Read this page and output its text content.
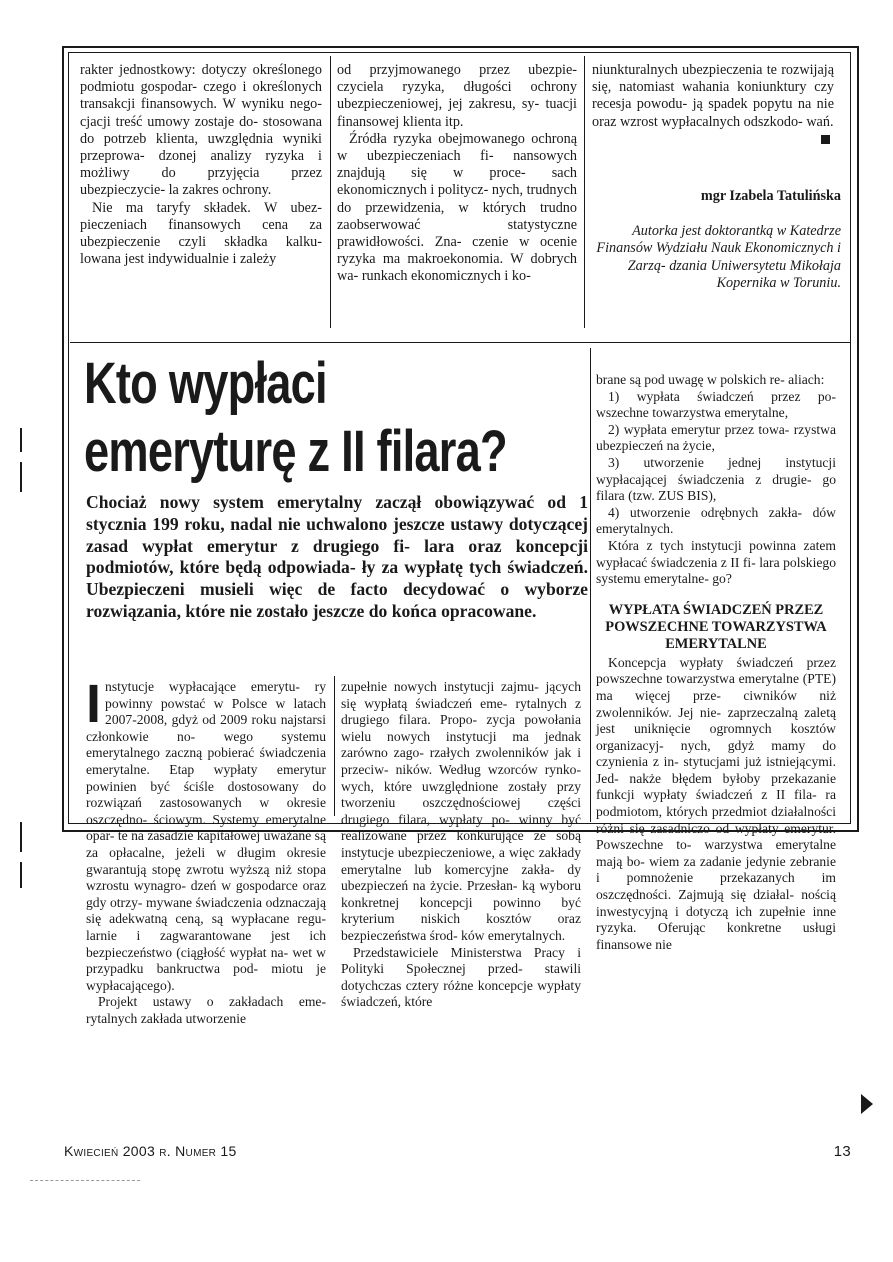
rakter jednostkowy: dotyczy określonego podmiotu gospodar- czego i określonych transakcji finansowych. W wyniku nego- cjacji treść umowy zostaje do- stosowana do potrzeb klienta, uwzględnia wyniki przeprowa- dzonej analizy ryzyka i możliwy do przyjęcia przez ubezpieczycie- la zakres ochrony.

Nie ma taryfy składek. W ubez- pieczeniach finansowych cena za ubezpieczenie czyli składka kalku- lowana jest indywidualnie i zależy

od przyjmowanego przez ubezpie- czyciela ryzyka, długości ochrony ubezpieczeniowej, jej zakresu, sy- tuacji finansowej klienta itp.

Źródła ryzyka obejmowanego ochroną w ubezpieczeniach fi- nansowych znajdują się w proce- sach ekonomicznych i politycz- nych, trudnych do przewidzenia, w których trudno zaobserwować statystyczne prawidłowości. Zna- czenie w ocenie ryzyka ma makroekonomia. W dobrych wa- runkach ekonomicznych i ko-

niunkturalnych ubezpieczenia te rozwijają się, natomiast wahania koniunktury czy recesja powodu- ją spadek popytu na nie oraz wzrost wypłacalnych odszkodo- wań.

mgr Izabela Tatulińska
Autorka jest doktorantką w Katedrze Finansów Wydziału Nauk Ekonomicznych i Zarzą- dzania Uniwersytetu Mikołaja Kopernika w Toruniu.
Kto wypłaci
emeryturę z II filara?
Chociaż nowy system emerytalny zaczął obowiązywać od 1 stycznia 199 roku, nadal nie uchwalono jeszcze ustawy dotyczącej zasad wypłat emerytur z drugiego fi- lara oraz koncepcji podmiotów, które będą odpowiada- ły za wypłatę tych świadczeń. Ubezpieczeni musieli więc de facto decydować o wyborze rozwiązania, które nie zostało jeszcze do końca opracowane.

Instytucje wypłacające emerytu- ry powinny powstać w Polsce w latach 2007-2008, gdyż od 2009 roku najstarsi członkowie no- wego systemu emerytalnego zaczną pobierać świadczenia emerytalne. Etap wypłaty emerytur powinien być ściśle dostosowany do rozwiązań zastosowanych w okresie oszczędno- ściowym. Systemy emerytalne opar- te na zasadzie kapitałowej uważane są za opłacalne, jeżeli w długim okresie gwarantują stopę zwrotu wyższą niż stopa wzrostu wynagro- dzeń w gospodarce oraz gdy otrzy- mywane świadczenia odznaczają się adekwatną ceną, są wypłacane regu- larnie i zagwarantowane jest ich bezpieczeństwo (ciągłość wypłat na- wet w przypadku bankructwa pod- miotu je wypłacającego).

Projekt ustawy o zakładach eme- rytalnych zakłada utworzenie

zupełnie nowych instytucji zajmu- jących się wypłatą świadczeń eme- rytalnych z drugiego filara. Propo- zycja powołania wielu nowych instytucji ma jednak zarówno zago- rzałych zwolenników jak i przeciw- ników. Według wzorców rynko- wych, które uwzględnione zostały przy tworzeniu oszczędnościowej części drugiego filara, wypłaty po- winny być realizowane przez konkurujące ze sobą instytucje ubezpieczeniowe, a więc zakłady emerytalne lub komercyjne zakła- dy ubezpieczeń na życie. Przesłan- ką wyboru konkretnej koncepcji powinno być kryterium niskich kosztów oraz bezpieczeństwa środ- ków emerytalnych.

Przedstawiciele Ministerstwa Pracy i Polityki Społecznej przed- stawili dotychczas cztery różne koncepcje wypłaty świadczeń, które

brane są pod uwagę w polskich re- aliach:

1) wypłata świadczeń przez po- wszechne towarzystwa emerytalne,

2) wypłata emerytur przez towa- rzystwa ubezpieczeń na życie,

3) utworzenie jednej instytucji wypłacającej świadczenia z drugie- go filara (tzw. ZUS BIS),

4) utworzenie odrębnych zakła- dów emerytalnych.

Która z tych instytucji powinna zatem wypłacać świadczenia z II fi- lara polskiego systemu emerytalne- go?

WYPŁATA ŚWIADCZEŃ PRZEZ POWSZECHNE TOWARZYSTWA EMERYTALNE

Koncepcja wypłaty świadczeń przez powszechne towarzystwa emerytalne (PTE) ma więcej prze- ciwników niż zwolenników. Jej nie- zaprzeczalną zaletą jest uniknięcie ogromnych kosztów organizacyj- nych, gdyż mamy do czynienia z in- stytucjami już istniejącymi. Jed- nakże błędem byłoby przekazanie funkcji wypłaty świadczeń z II fila- ra podmiotom, których przedmiot działalności różni się zasadniczo od wypłaty emerytur. Powszechne to- warzystwa emerytalne mają bo- wiem za zadanie jedynie zebranie i pomnożenie przekazanych im oszczędności. Zajmują się działal- nością inwestycyjną i dotyczą ich zupełnie inne ryzyka. Oferując konkretne usługi finansowe nie

Kwiecień 2003 r. Numer 15	13
